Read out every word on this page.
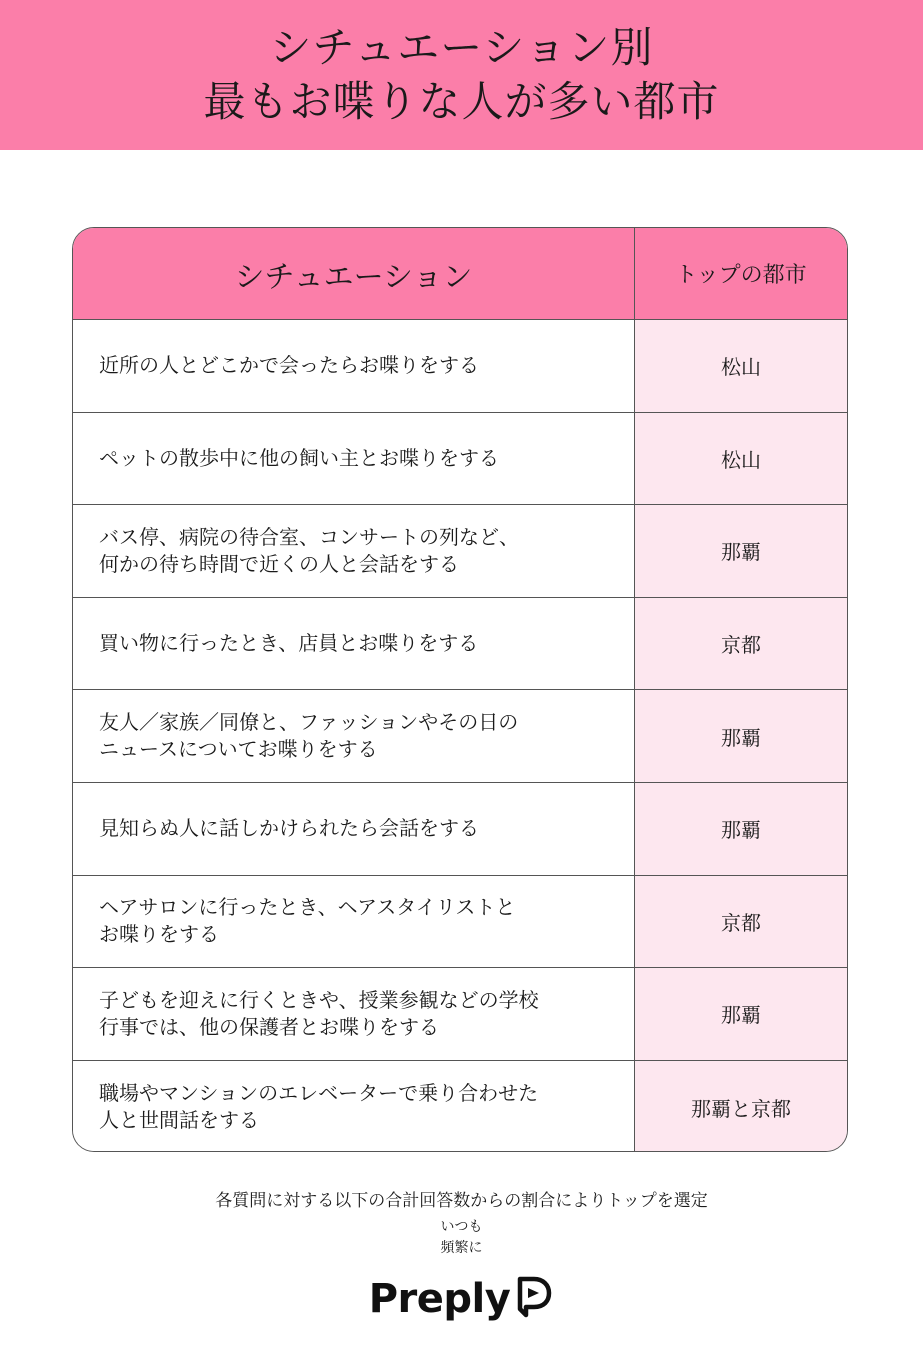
シチュエーション別
最もお喋りな人が多い都市
シチュエーション	トップの都市
近所の人とどこかで会ったらお喋りをする	松山
ペットの散歩中に他の飼い主とお喋りをする	松山
バス停、病院の待合室、コンサートの列など、
何かの待ち時間で近くの人と会話をする	那覇
買い物に行ったとき、店員とお喋りをする	京都
友人／家族／同僚と、ファッションやその日の
ニュースについてお喋りをする	那覇
見知らぬ人に話しかけられたら会話をする	那覇
ヘアサロンに行ったとき、ヘアスタイリストと
お喋りをする	京都
子どもを迎えに行くときや、授業参観などの学校
行事では、他の保護者とお喋りをする	那覇
職場やマンションのエレベーターで乗り合わせた
人と世間話をする	那覇と京都
各質問に対する以下の合計回答数からの割合によりトップを選定
いつも
頻繁に
Preply
